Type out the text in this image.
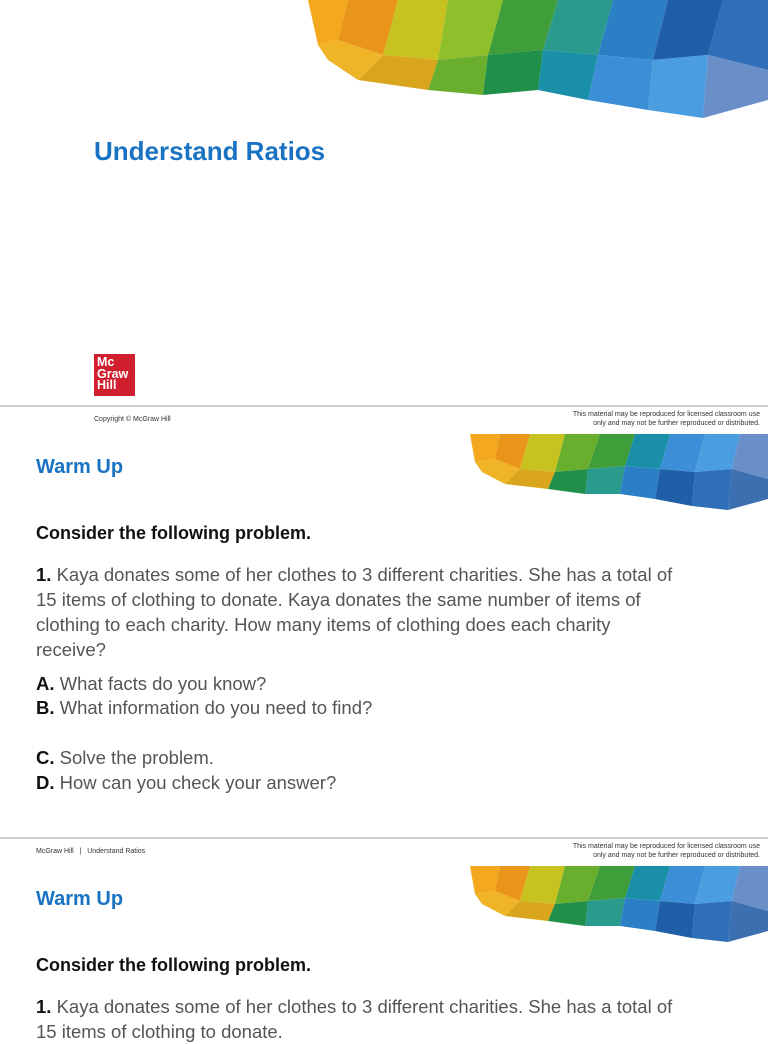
Understand Ratios
Mc
Graw
Hill
Copyright © McGraw Hill
This material may be reproduced for licensed classroom use
only and may not be further reproduced or distributed.
Warm Up

Consider the following problem.

1. Kaya donates some of her clothes to 3 different charities. She has a total of 15 items of clothing to donate. Kaya donates the same number of items of clothing to each charity. How many items of clothing does each charity receive?

A. What facts do you know?

B. What information do you need to find?

C. Solve the problem.

D. How can you check your answer?

McGraw Hill   |   Understand Ratios
This material may be reproduced for licensed classroom use
only and may not be further reproduced or distributed.
Warm Up

Consider the following problem.

1. Kaya donates some of her clothes to 3 different charities. She has a total of 15 items of clothing to donate.
